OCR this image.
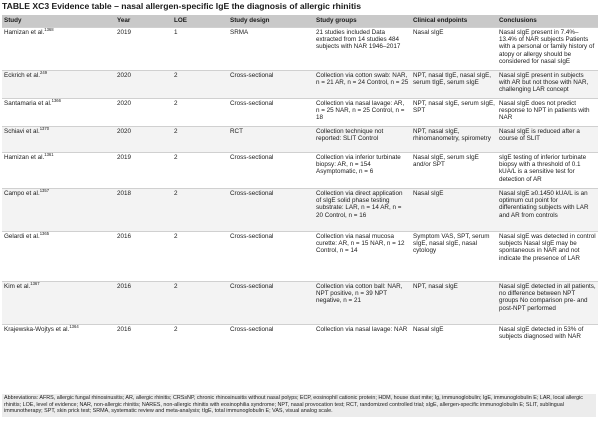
TABLE XC3 Evidence table – nasal allergen-specific IgE the diagnosis of allergic rhinitis
Study	Year	LOE	Study design	Study groups	Clinical endpoints	Conclusions
Hamizan et al.$^{1368}$	2019	1	SRMA	21 studies included Data extracted from 14 studies 484 subjects with NAR 1946–2017	Nasal sIgE	Nasal sIgE present in 7.4%–13.4% of NAR subjects Patients with a personal or family history of atopy or allergy should be considered for nasal sIgE
Eckrich et al.$^{249}$	2020	2	Cross-sectional	Collection via cotton swab: NAR, n = 21 AR, n = 24 Control, n = 25	NPT, nasal tIgE, nasal sIgE, serum tIgE, serum sIgE	Nasal sIgE present in subjects with AR but not those with NAR, challenging LAR concept
Santamaria et al.$^{1366}$	2020	2	Cross-sectional	Collection via nasal lavage: AR, n = 25 NAR, n = 25 Control, n = 18	NPT, nasal sIgE, serum sIgE, SPT	Nasal sIgE does not predict response to NPT in patients with NAR
Schiavi et al.$^{1370}$	2020	2	RCT	Collection technique not reported: SLIT Control	NPT, nasal sIgE, rhinomanometry, spirometry	Nasal sIgE is reduced after a course of SLIT
Hamizan et al.$^{1361}$	2019	2	Cross-sectional	Collection via inferior turbinate biopsy: AR, n = 154 Asymptomatic, n = 6	Nasal sIgE, serum sIgE and/or SPT	sIgE testing of inferior turbinate biopsy with a threshold of 0.1 kUA/L is a sensitive test for detection of AR
Campo et al.$^{1357}$	2018	2	Cross-sectional	Collection via direct application of sIgE solid phase testing substrate: LAR, n = 14 AR, n = 20 Control, n = 16	Nasal sIgE	Nasal sIgE ≥0.1450 kUA/L is an optimum cut point for differentiating subjects with LAR and AR from controls
Gelardi et al.$^{1365}$	2016	2	Cross-sectional	Collection via nasal mucosa curette: AR, n = 15 NAR, n = 12 Control, n = 14	Symptom VAS, SPT, serum sIgE, nasal sIgE, nasal cytology	Nasal sIgE was detected in control subjects Nasal sIgE may be spontaneous in NAR and not indicate the presence of LAR
Kim et al.$^{1367}$	2016	2	Cross-sectional	Collection via cotton ball: NAR, NPT positive, n = 39 NPT negative, n = 21	NPT, nasal sIgE	Nasal sIgE detected in all patients, no difference between NPT groups No comparison pre- and post-NPT performed
Krajewska-Wojtys et al.$^{1364}$	2016	2	Cross-sectional	Collection via nasal lavage: NAR	Nasal sIgE	Nasal sIgE detected in 53% of subjects diagnosed with NAR
Abbreviations: AFRS, allergic fungal rhinosinusitis; AR, allergic rhinitis; CRSsNP, chronic rhinosinusitis without nasal polyps; ECP, eosinophil cationic protein; HDM, house dust mite; Ig, immunoglobulin; IgE, immunoglobulin E; LAR, local allergic rhinitis; LOE, level of evidence; NAR, non-allergic rhinitis; NARES, non-allergic rhinitis with eosinophilia syndrome; NPT, nasal provocation test; RCT, randomized controlled trial; sIgE, allergen-specific immunoglobulin E; SLIT, sublingual immunotherapy; SPT, skin prick test; SRMA, systematic review and meta-analysis; tIgE, total immunoglobulin E; VAS, visual analog scale.
